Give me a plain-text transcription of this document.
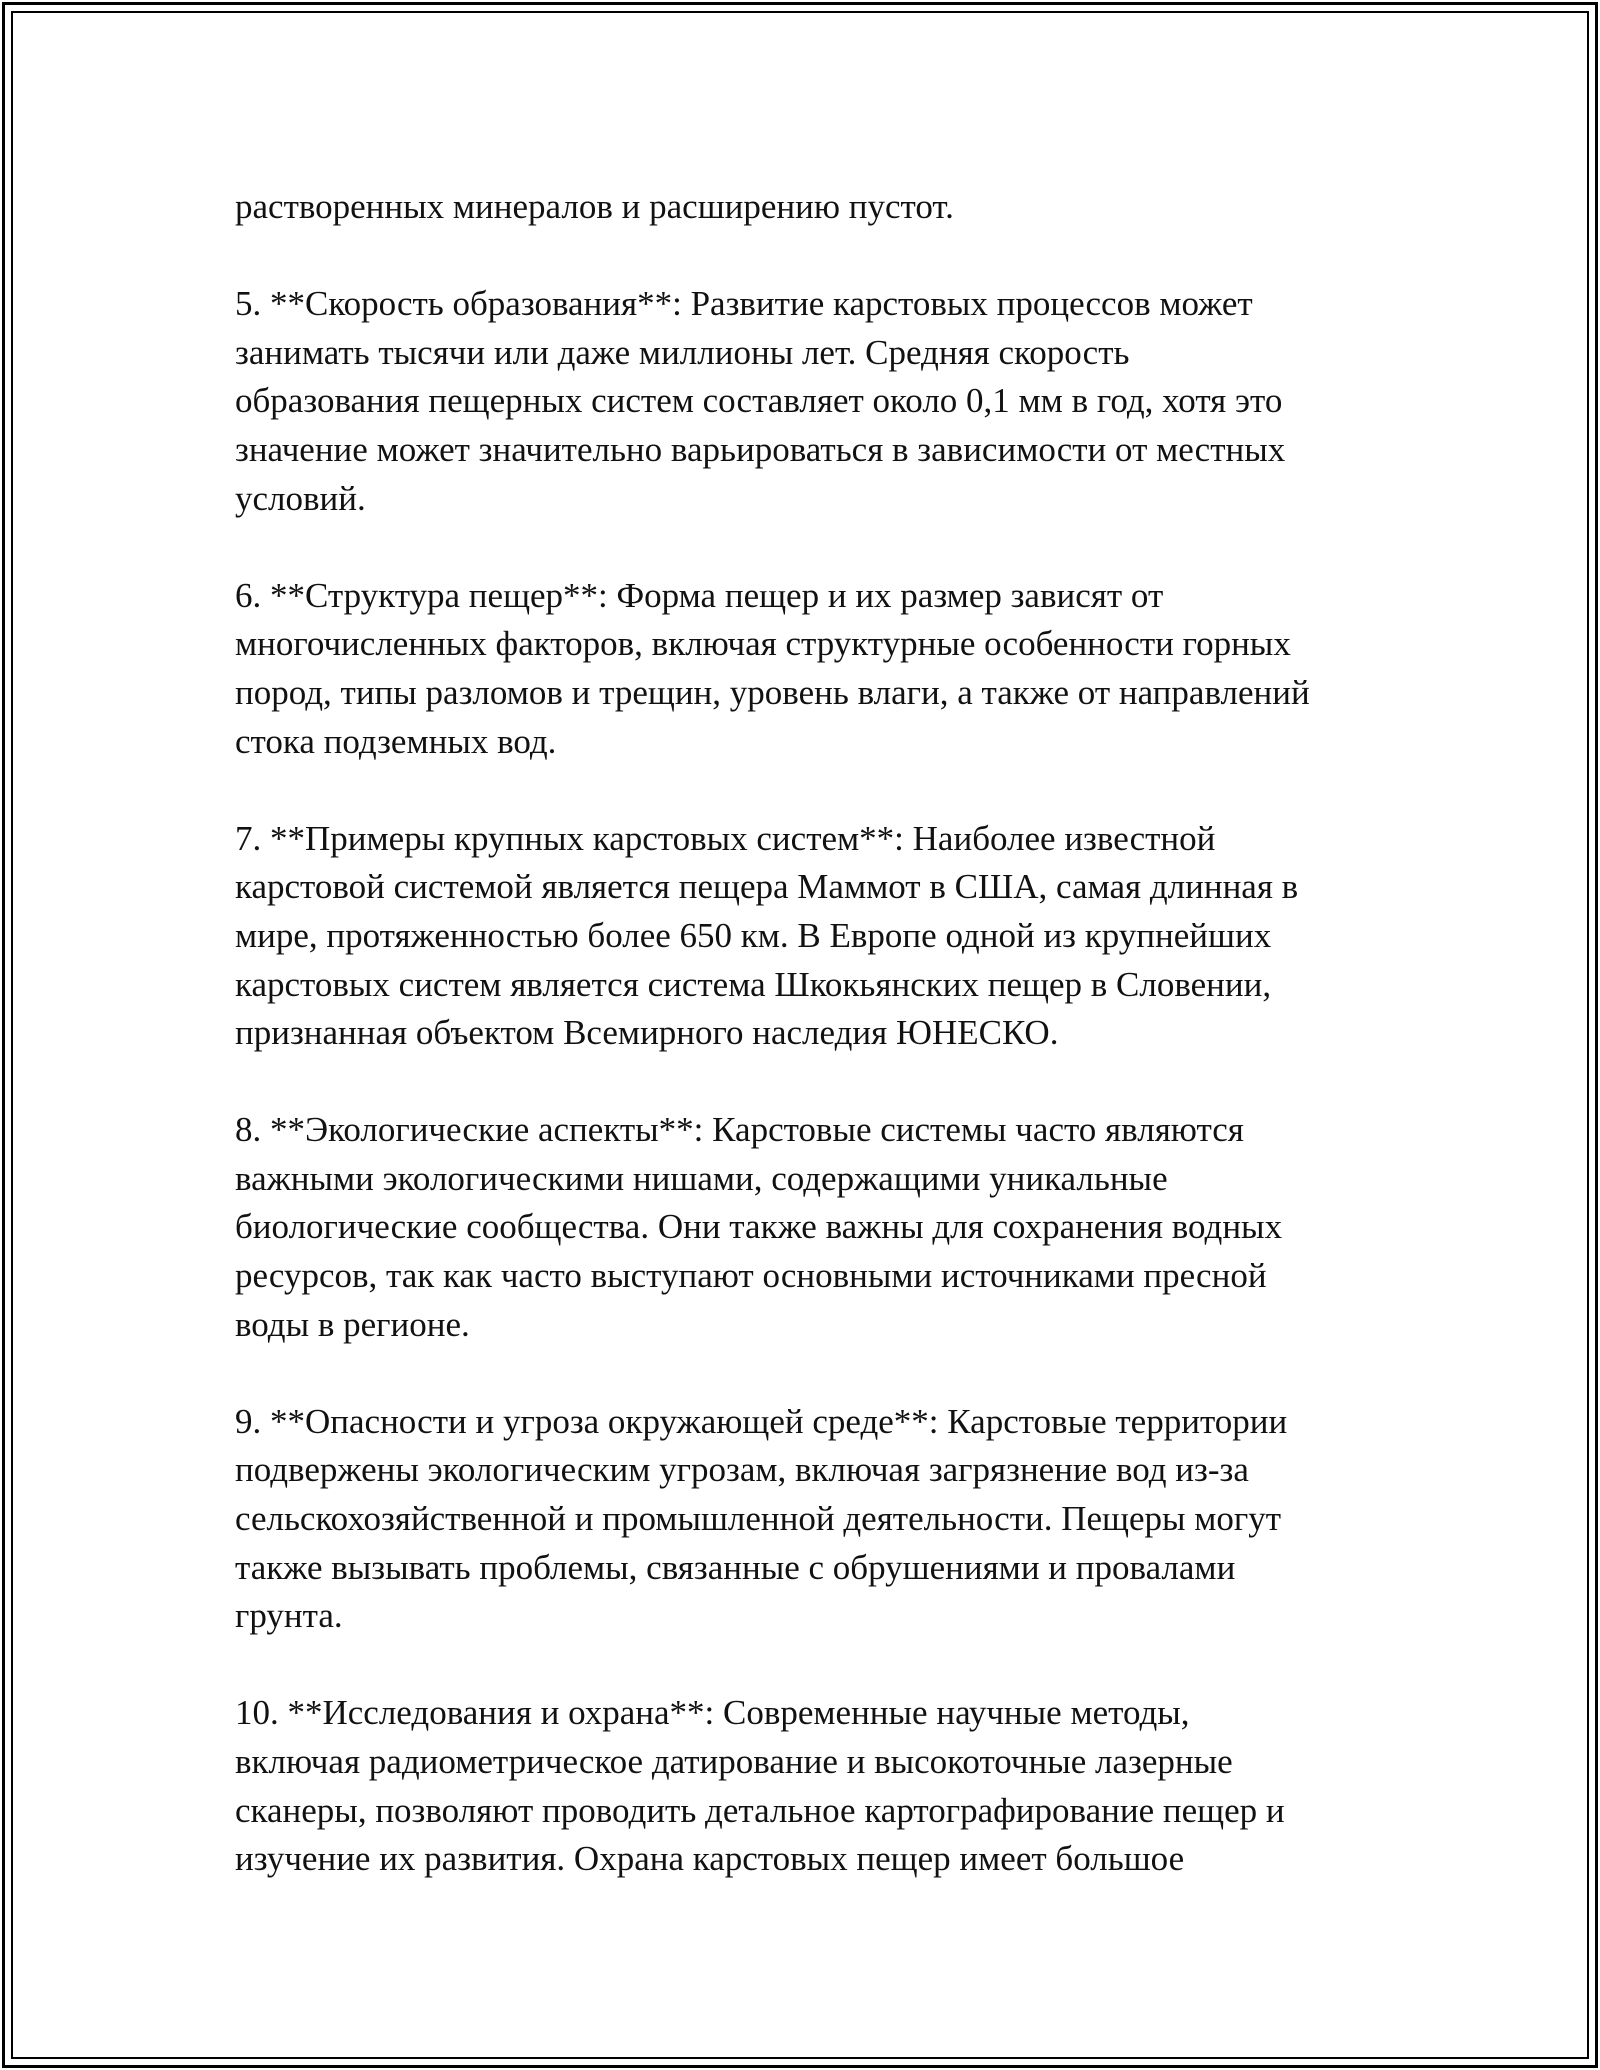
растворенных минералов и расширению пустот.
5. **Скорость образования**: Развитие карстовых процессов может
занимать тысячи или даже миллионы лет. Средняя скорость
образования пещерных систем составляет около 0,1 мм в год, хотя это
значение может значительно варьироваться в зависимости от местных
условий.
6. **Структура пещер**: Форма пещер и их размер зависят от
многочисленных факторов, включая структурные особенности горных
пород, типы разломов и трещин, уровень влаги, а также от направлений
стока подземных вод.
7. **Примеры крупных карстовых систем**: Наиболее известной
карстовой системой является пещера Маммот в США, самая длинная в
мире, протяженностью более 650 км. В Европе одной из крупнейших
карстовых систем является система Шкокьянских пещер в Словении,
признанная объектом Всемирного наследия ЮНЕСКО.
8. **Экологические аспекты**: Карстовые системы часто являются
важными экологическими нишами, содержащими уникальные
биологические сообщества. Они также важны для сохранения водных
ресурсов, так как часто выступают основными источниками пресной
воды в регионе.
9. **Опасности и угроза окружающей среде**: Карстовые территории
подвержены экологическим угрозам, включая загрязнение вод из-за
сельскохозяйственной и промышленной деятельности. Пещеры могут
также вызывать проблемы, связанные с обрушениями и провалами
грунта.
10. **Исследования и охрана**: Современные научные методы,
включая радиометрическое датирование и высокоточные лазерные
сканеры, позволяют проводить детальное картографирование пещер и
изучение их развития. Охрана карстовых пещер имеет большое
